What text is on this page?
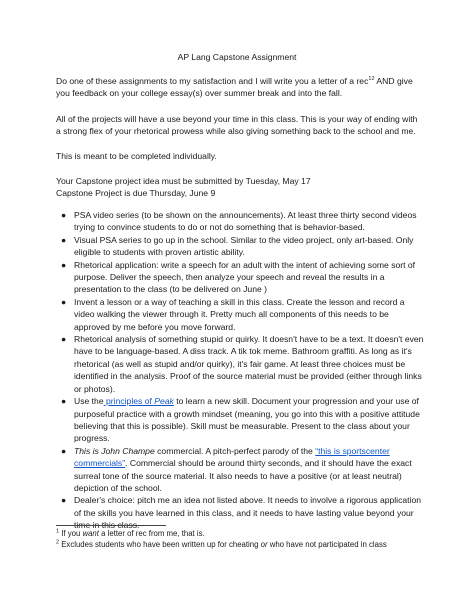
AP Lang Capstone Assignment

Do one of these assignments to my satisfaction and I will write you a letter of a rec$^{12}$ AND give you feedback on your college essay(s) over summer break and into the fall.

All of the projects will have a use beyond your time in this class. This is your way of ending with a strong flex of your rhetorical prowess while also giving something back to the school and me.

This is meant to be completed individually.

Your Capstone project idea must be submitted by Tuesday, May 17

Capstone Project is due Thursday, June 9

● PSA video series (to be shown on the announcements). At least three thirty second videos trying to convince students to do or not do something that is behavior-based.
● Visual PSA series to go up in the school. Similar to the video project, only art-based. Only eligible to students with proven artistic ability.
● Rhetorical application: write a speech for an adult with the intent of achieving some sort of purpose. Deliver the speech, then analyze your speech and reveal the results in a presentation to the class (to be delivered on June )
● Invent a lesson or a way of teaching a skill in this class. Create the lesson and record a video walking the viewer through it. Pretty much all components of this needs to be approved by me before you move forward.
● Rhetorical analysis of something stupid or quirky. It doesn't have to be a text. It doesn't even have to be language-based. A diss track. A tik tok meme. Bathroom graffiti. As long as it's rhetorical (as well as stupid and/or quirky), it's fair game. At least three choices must be identified in the analysis. Proof of the source material must be provided (either through links or photos).
● Use the principles of Peak to learn a new skill. Document your progression and your use of purposeful practice with a growth mindset (meaning, you go into this with a positive attitude believing that this is possible). Skill must be measurable. Present to the class about your progress.
● This is John Champe commercial. A pitch-perfect parody of the “this is sportscenter commercials”. Commercial should be around thirty seconds, and it should have the exact surreal tone of the source material. It also needs to have a positive (or at least neutral) depiction of the school.
● Dealer's choice: pitch me an idea not listed above. It needs to involve a rigorous application of the skills you have learned in this class, and it needs to have lasting value beyond your time in this class.

$^1$ If you want a letter of rec from me, that is.

$^2$ Excludes students who have been written up for cheating or who have not participated in class
